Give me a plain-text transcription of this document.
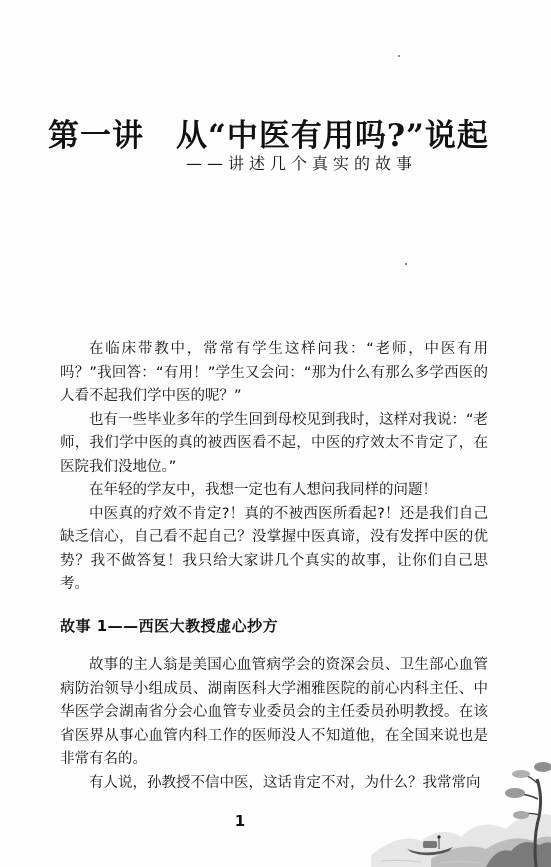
第一讲　从“中医有用吗?”说起
——讲述几个真实的故事

在临床带教中，常常有学生这样问我：“老师，中医有用吗？”我回答：“有用！”学生又会问：“那为什么有那么多学西医的人看不起我们学中医的呢？”

也有一些毕业多年的学生回到母校见到我时，这样对我说：“老师，我们学中医的真的被西医看不起，中医的疗效太不肯定了，在医院我们没地位。”

在年轻的学友中，我想一定也有人想问我同样的问题！

中医真的疗效不肯定?！真的不被西医所看起?！还是我们自己缺乏信心，自己看不起自己？没掌握中医真谛，没有发挥中医的优势？我不做答复！我只给大家讲几个真实的故事，让你们自己思考。

故事 1——西医大教授虚心抄方

故事的主人翁是美国心血管病学会的资深会员、卫生部心血管病防治领导小组成员、湖南医科大学湘雅医院的前心内科主任、中华医学会湖南省分会心血管专业委员会的主任委员孙明教授。在该省医界从事心血管内科工作的医师没人不知道他，在全国来说也是非常有名的。

有人说，孙教授不信中医，这话肯定不对，为什么？我常常向

1
